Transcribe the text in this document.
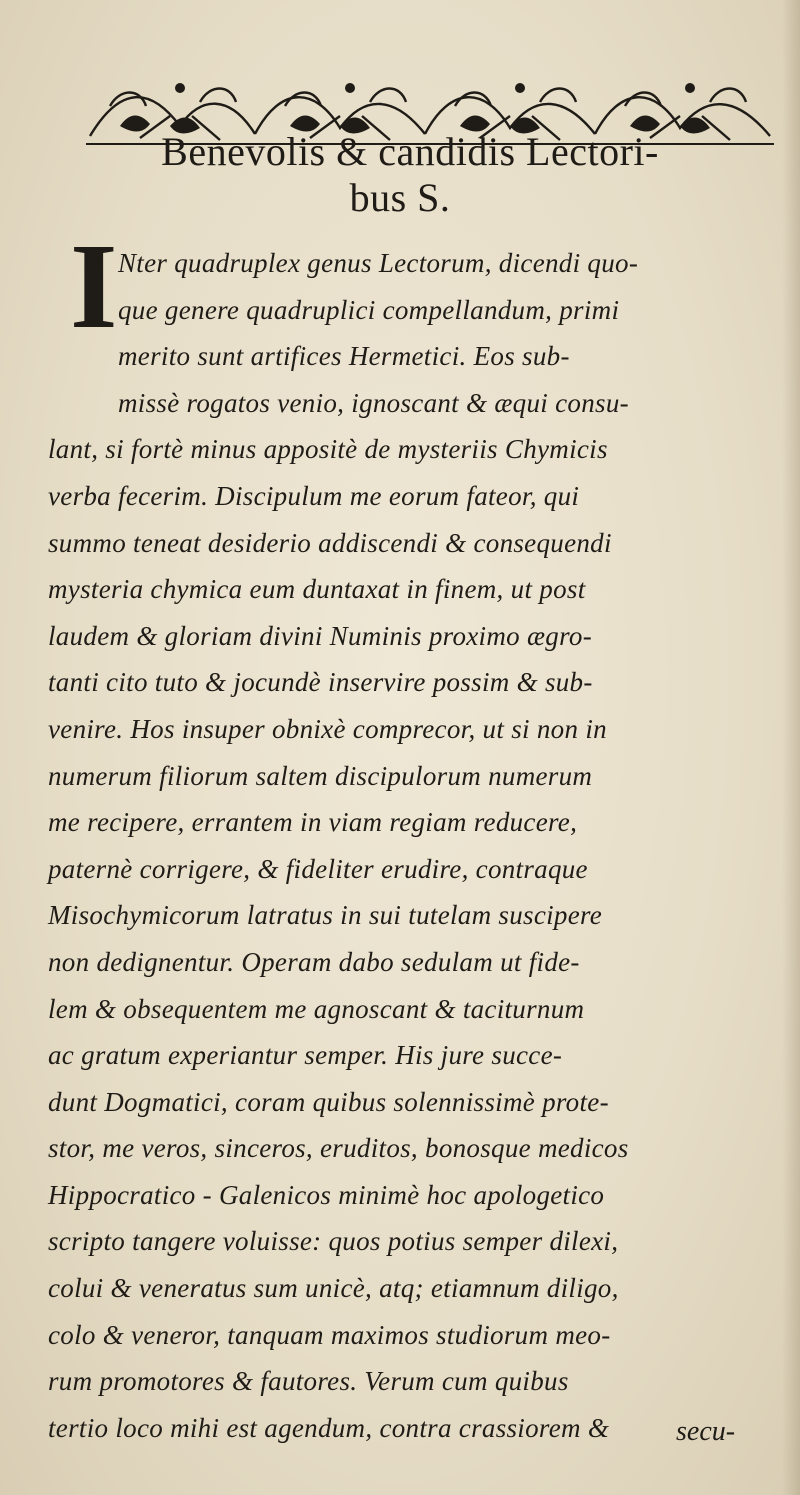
Benevolis & candidis Lectori-
bus S.
I Nter quadruplex genus Lectorum, dicendi quo-
que genere quadruplici compellandum, primi
merito sunt artifices Hermetici. Eos sub-
missè rogatos venio, ignoscant & æqui consu-
lant, si fortè minus appositè de mysteriis Chymicis
verba fecerim. Discipulum me eorum fateor, qui
summo teneat desiderio addiscendi & consequendi
mysteria chymica eum duntaxat in finem, ut post
laudem & gloriam divini Numinis proximo ægro-
tanti cito tuto & jocundè inservire possim & sub-
venire. Hos insuper obnixè comprecor, ut si non in
numerum filiorum saltem discipulorum numerum
me recipere, errantem in viam regiam reducere,
paternè corrigere, & fideliter erudire, contraque
Misochymicorum latratus in sui tutelam suscipere
non dedignentur. Operam dabo sedulam ut fide-
lem & obsequentem me agnoscant & taciturnum
ac gratum experiantur semper. His jure succe-
dunt Dogmatici, coram quibus solennissimè prote-
stor, me veros, sinceros, eruditos, bonosque medicos
Hippocratico - Galenicos minimè hoc apologetico
scripto tangere voluisse: quos potius semper dilexi,
colui & veneratus sum unicè, atq; etiamnum diligo,
colo & veneror, tanquam maximos studiorum meo-
rum promotores & fautores. Verum cum quibus
tertio loco mihi est agendum, contra crassiorem &	secu-
